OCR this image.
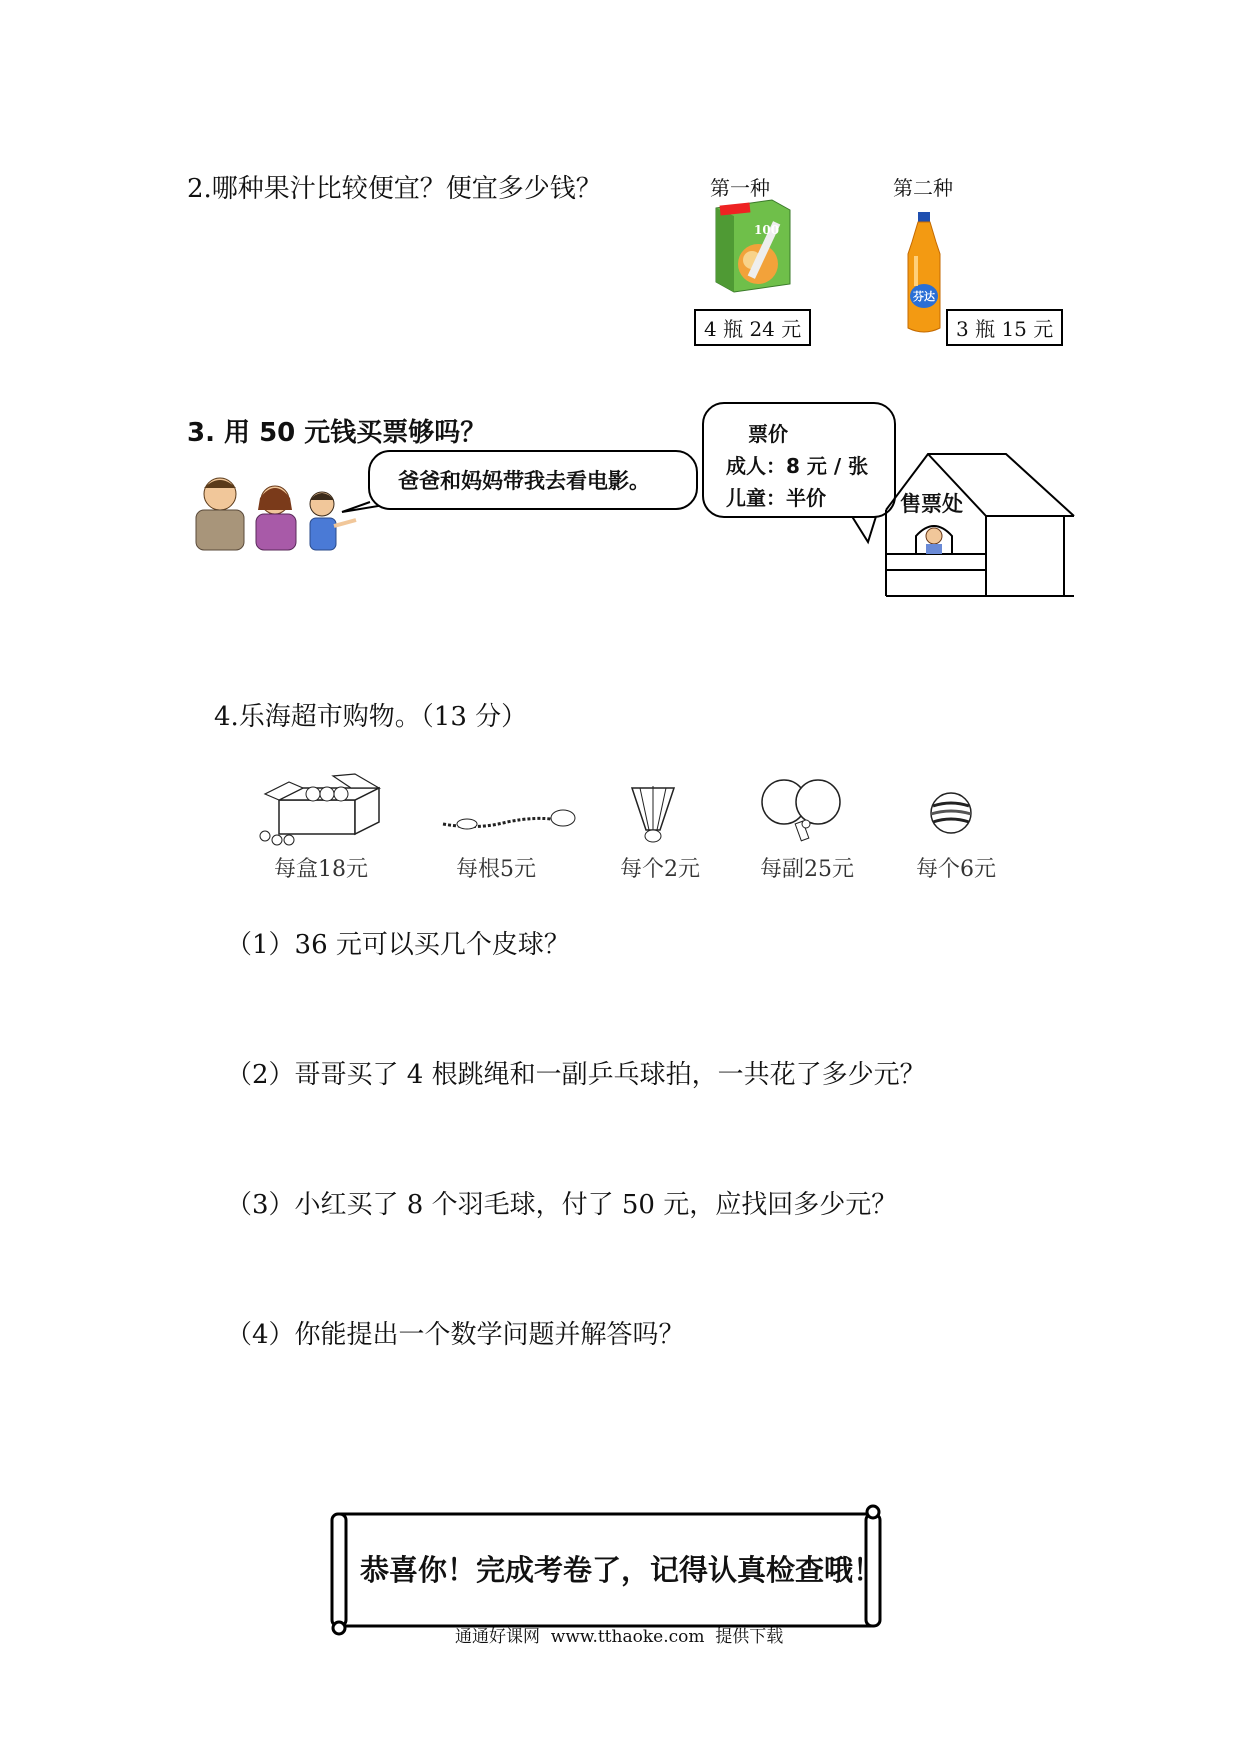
2.哪种果汁比较便宜？便宜多少钱？	第一种	第二种
100
芬达
4 瓶 24 元	3 瓶 15 元
3. 用 50 元钱买票够吗？
爸爸和妈妈带我去看电影。
票价
成人：8 元 / 张
儿童：半价	售票处
4.乐海超市购物。（13 分）
每盒18元	每根5元	每个2元	每副25元	每个6元
（1）36 元可以买几个皮球？
（2）哥哥买了 4 根跳绳和一副乒乓球拍，一共花了多少元？
（3）小红买了 8 个羽毛球，付了 50 元，应找回多少元？
（4）你能提出一个数学问题并解答吗？
恭喜你！完成考卷了，记得认真检查哦！
通通好课网  www.tthaoke.com  提供下载
